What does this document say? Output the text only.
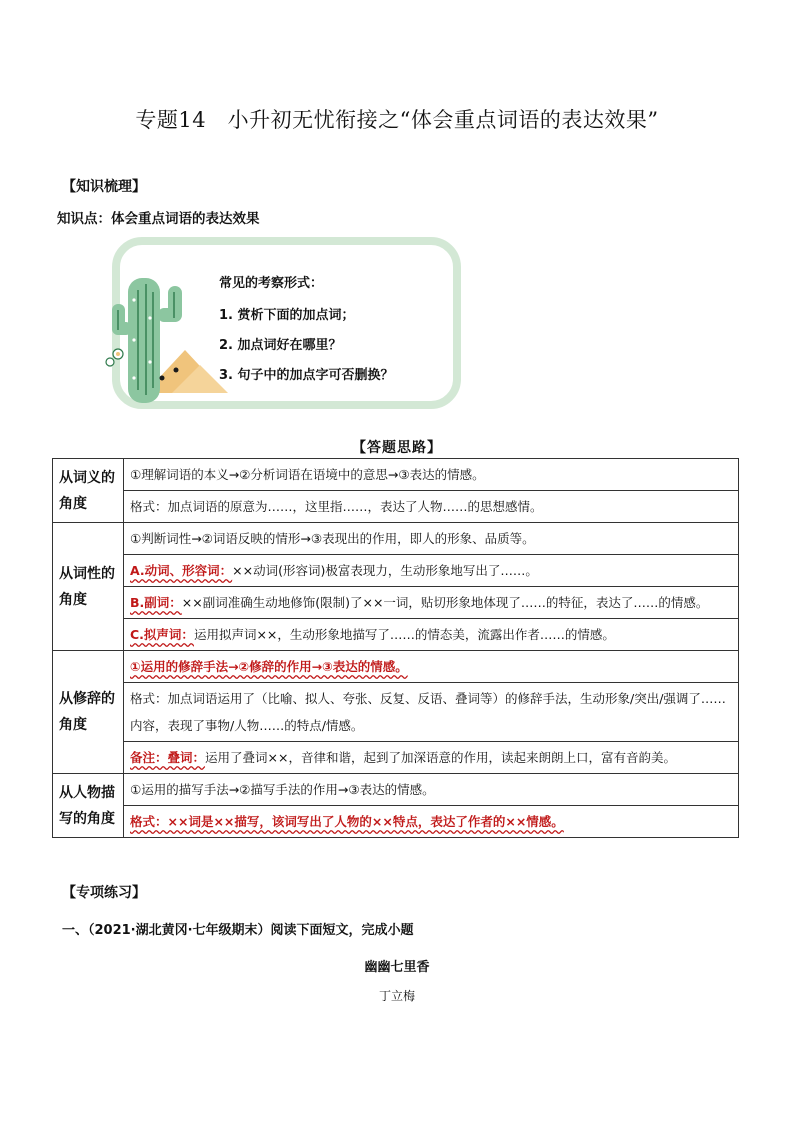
专题14　小升初无忧衔接之“体会重点词语的表达效果”
【知识梳理】
知识点：体会重点词语的表达效果
常见的考察形式：
1. 赏析下面的加点词；
2. 加点词好在哪里？
3. 句子中的加点字可否删换？
【答题思路】
从词义的
角度	①理解词语的本义→②分析词语在语境中的意思→③表达的情感。
	格式：加点词语的原意为……，这里指……，表达了人物……的思想感情。

从词性的
角度	①判断词性→②词语反映的情形→③表现出的作用，即人的形象、品质等。
	A.动词、形容词：××动词(形容词)极富表现力，生动形象地写出了……。
	B.副词：××副词准确生动地修饰(限制)了××一词，贴切形象地体现了……的特征，表达了……的情感。
	C.拟声词：运用拟声词××，生动形象地描写了……的情态美，流露出作者……的情感。

从修辞的
角度	①运用的修辞手法→②修辞的作用→③表达的情感。
	格式：加点词语运用了（比喻、拟人、夸张、反复、反语、叠词等）的修辞手法，生动形象/突出/强调了……内容，表现了事物/人物……的特点/情感。
	备注：叠词：运用了叠词××，音律和谐，起到了加深语意的作用，读起来朗朗上口，富有音韵美。

从人物描
写的角度	①运用的描写手法→②描写手法的作用→③表达的情感。
	格式：××词是××描写，该词写出了人物的××特点，表达了作者的××情感。
【专项练习】
一、（2021·湖北黄冈·七年级期末）阅读下面短文，完成小题
幽幽七里香
丁立梅
